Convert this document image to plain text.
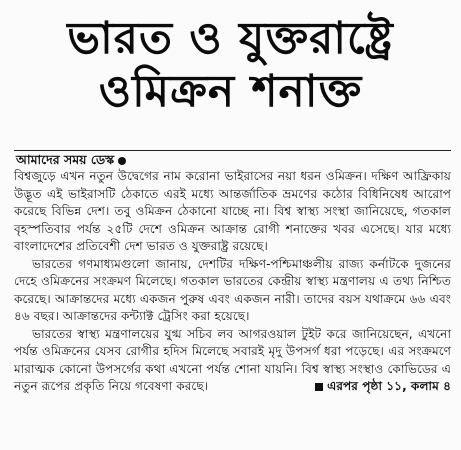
ভারত ও যুক্তরাষ্ট্রে
ওমিক্রন শনাক্ত
আমাদের সময় ডেস্ক

বিশ্বজুড়ে এখন নতুন উদ্বেগের নাম করোনা ভাইরাসের নয়া ধরন ওমিক্রন। দক্ষিণ আফ্রিকায় উদ্ভূত এই ভাইরাসটি ঠেকাতে এরই মধ্যে আন্তর্জাতিক ভ্রমণের কঠোর বিধিনিষেধ আরোপ করেছে বিভিন্ন দেশ। তবু ওমিক্রন ঠেকানো যাচ্ছে না। বিশ্ব স্বাস্থ্য সংস্থা জানিয়েছে, গতকাল বৃহস্পতিবার পর্যন্ত ২৫টি দেশে ওমিক্রন আক্রান্ত রোগী শনাক্তের খবর এসেছে। যার মধ্যে বাংলাদেশের প্রতিবেশী দেশ ভারত ও যুক্তরাষ্ট্র রয়েছে।

ভারতের গণমাধ্যমগুলো জানায়, দেশটির দক্ষিণ-পশ্চিমাঞ্চলীয় রাজ্য কর্নাটকে দুজনের দেহে ওমিক্রনের সংক্রমণ মিলেছে। গতকাল ভারতের কেন্দ্রীয় স্বাস্থ্য মন্ত্রণালয় এ তথ্য নিশ্চিত করেছে। আক্রান্তদের মধ্যে একজন পুরুষ এবং একজন নারী। তাদের বয়স যথাক্রমে ৬৬ এবং ৪৬ বছর। আক্রান্তদের কন্ট্যাক্ট ট্রেসিং করা হয়েছে।

ভারতের স্বাস্থ্য মন্ত্রণালয়ের যুগ্ম সচিব লব আগরওয়াল টুইট করে জানিয়েছেন, এখনো পর্যন্ত ওমিক্রনের যেসব রোগীর হদিস মিলেছে সবারই মৃদু উপসর্গ ধরা পড়েছে। এর সংক্রমণে মারাত্মক কোনো উপসর্গের কথা এখনো পর্যন্ত শোনা যায়নি। বিশ্ব স্বাস্থ্য সংস্থাও কোভিডের এ নতুন রূপের প্রকৃতি নিয়ে গবেষণা করছে।	এরপর পৃষ্ঠা ১১, কলাম ৪
